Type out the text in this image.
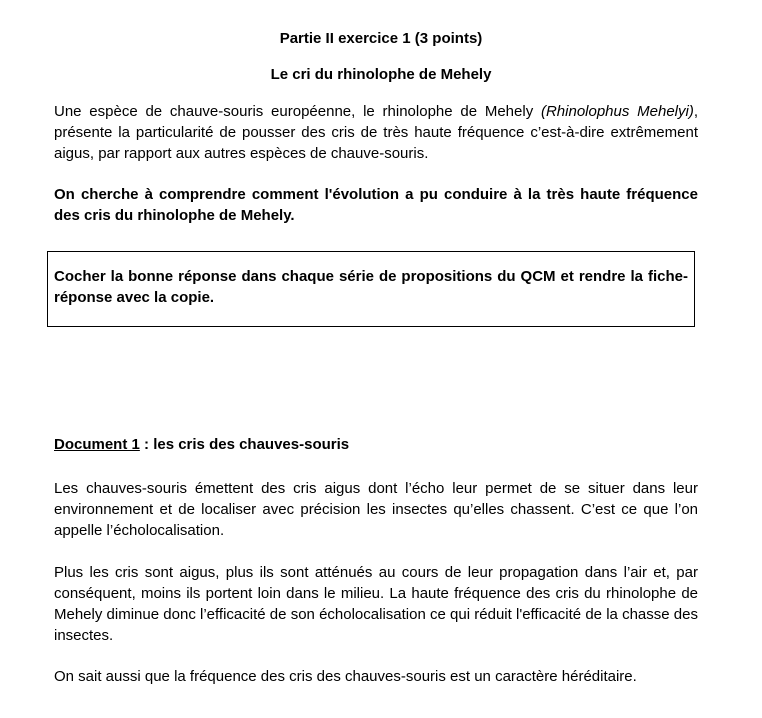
Partie II exercice 1 (3 points)
Le cri du rhinolophe de Mehely
Une espèce de chauve-souris européenne, le rhinolophe de Mehely (Rhinolophus Mehelyi), présente la particularité de pousser des cris de très haute fréquence c’est-à-dire extrêmement aigus, par rapport aux autres espèces de chauve-souris.
On cherche à comprendre comment l'évolution a pu conduire à la très haute fréquence des cris du rhinolophe de Mehely.
Cocher la bonne réponse dans chaque série de propositions du QCM et rendre la fiche-réponse avec la copie.
Document 1 : les cris des chauves-souris
Les chauves-souris émettent des cris aigus dont l’écho leur permet de se situer dans leur environnement et de localiser avec précision les insectes qu’elles chassent. C’est ce que l’on appelle l’écholocalisation.
Plus les cris sont aigus, plus ils sont atténués au cours de leur propagation dans l’air et, par conséquent, moins ils portent loin dans le milieu. La haute fréquence des cris du rhinolophe de Mehely diminue donc l’efficacité de son écholocalisation ce qui réduit l'efficacité de la chasse des insectes.
On sait aussi que la fréquence des cris des chauves-souris est un caractère héréditaire.
